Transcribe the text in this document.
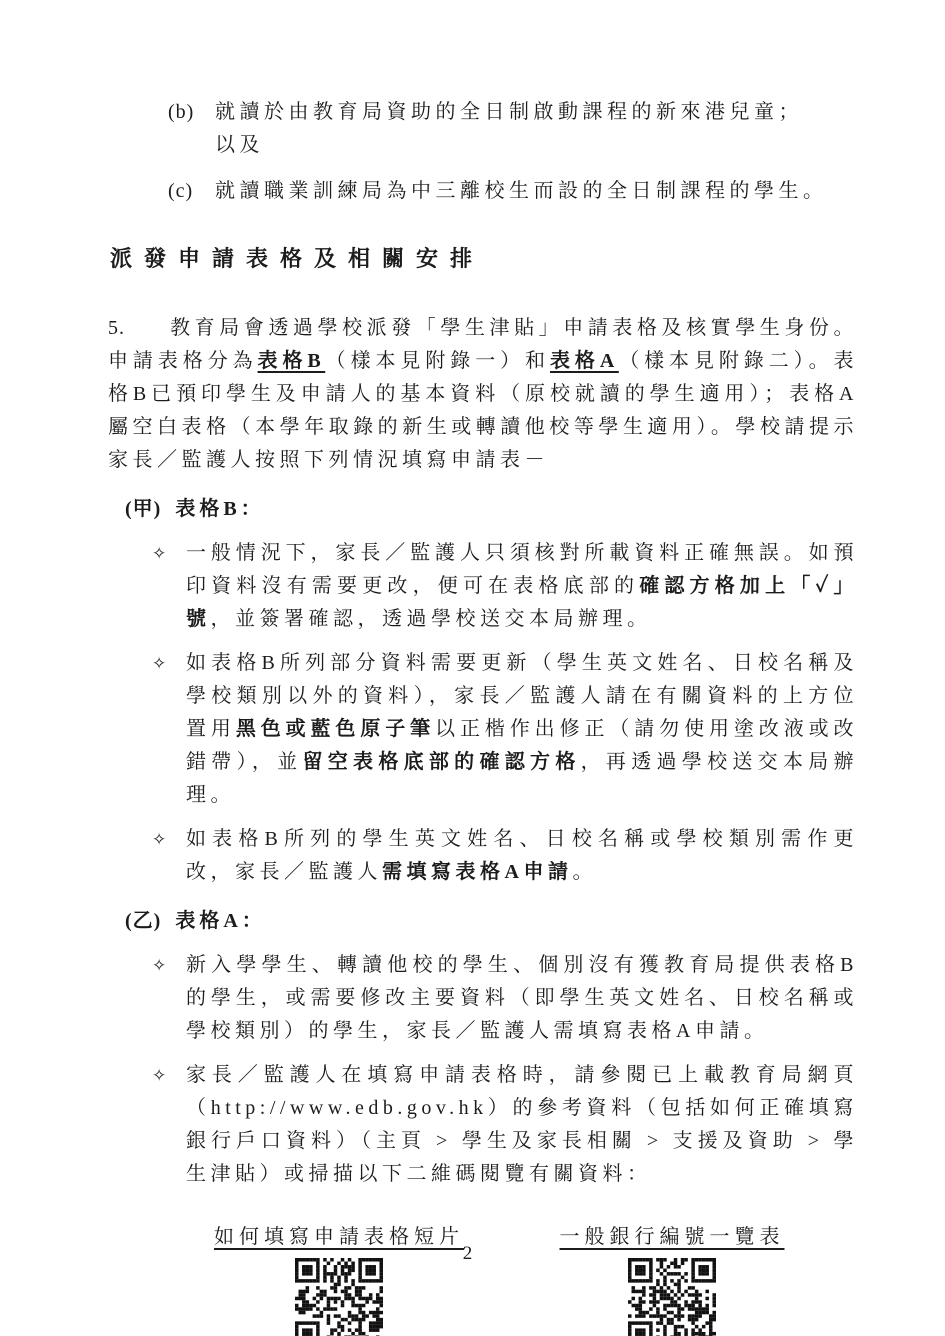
(b)	就讀於由教育局資助的全日制啟動課程的新來港兒童；
以及
(c)	就讀職業訓練局為中三離校生而設的全日制課程的學生。
派發申請表格及相關安排

5. 教育局會透過學校派發「學生津貼」申請表格及核實學生身份。申請表格分為表格B（樣本見附錄一）和表格A（樣本見附錄二）。表格B已預印學生及申請人的基本資料（原校就讀的學生適用）；表格A屬空白表格（本學年取錄的新生或轉讀他校等學生適用）。學校請提示家長／監護人按照下列情況填寫申請表－

(甲) 表格B：
✧ 一般情況下，家長／監護人只須核對所載資料正確無誤。如預印資料沒有需要更改，便可在表格底部的確認方格加上「✓」號，並簽署確認，透過學校送交本局辦理。
✧ 如表格B所列部分資料需要更新（學生英文姓名、日校名稱及學校類別以外的資料），家長／監護人請在有關資料的上方位置用黑色或藍色原子筆以正楷作出修正（請勿使用塗改液或改錯帶），並留空表格底部的確認方格，再透過學校送交本局辦理。
✧ 如表格B所列的學生英文姓名、日校名稱或學校類別需作更改，家長／監護人需填寫表格A申請。
(乙) 表格A：
✧ 新入學學生、轉讀他校的學生、個別沒有獲教育局提供表格B的學生，或需要修改主要資料（即學生英文姓名、日校名稱或學校類別）的學生，家長／監護人需填寫表格A申請。
✧ 家長／監護人在填寫申請表格時，請參閱已上載教育局網頁（http://www.edb.gov.hk）的參考資料（包括如何正確填寫銀行戶口資料）（主頁 > 學生及家長相關 > 支援及資助 > 學生津貼）或掃描以下二維碼閱覽有關資料：
如何填寫申請表格短片	一般銀行編號一覽表
2
